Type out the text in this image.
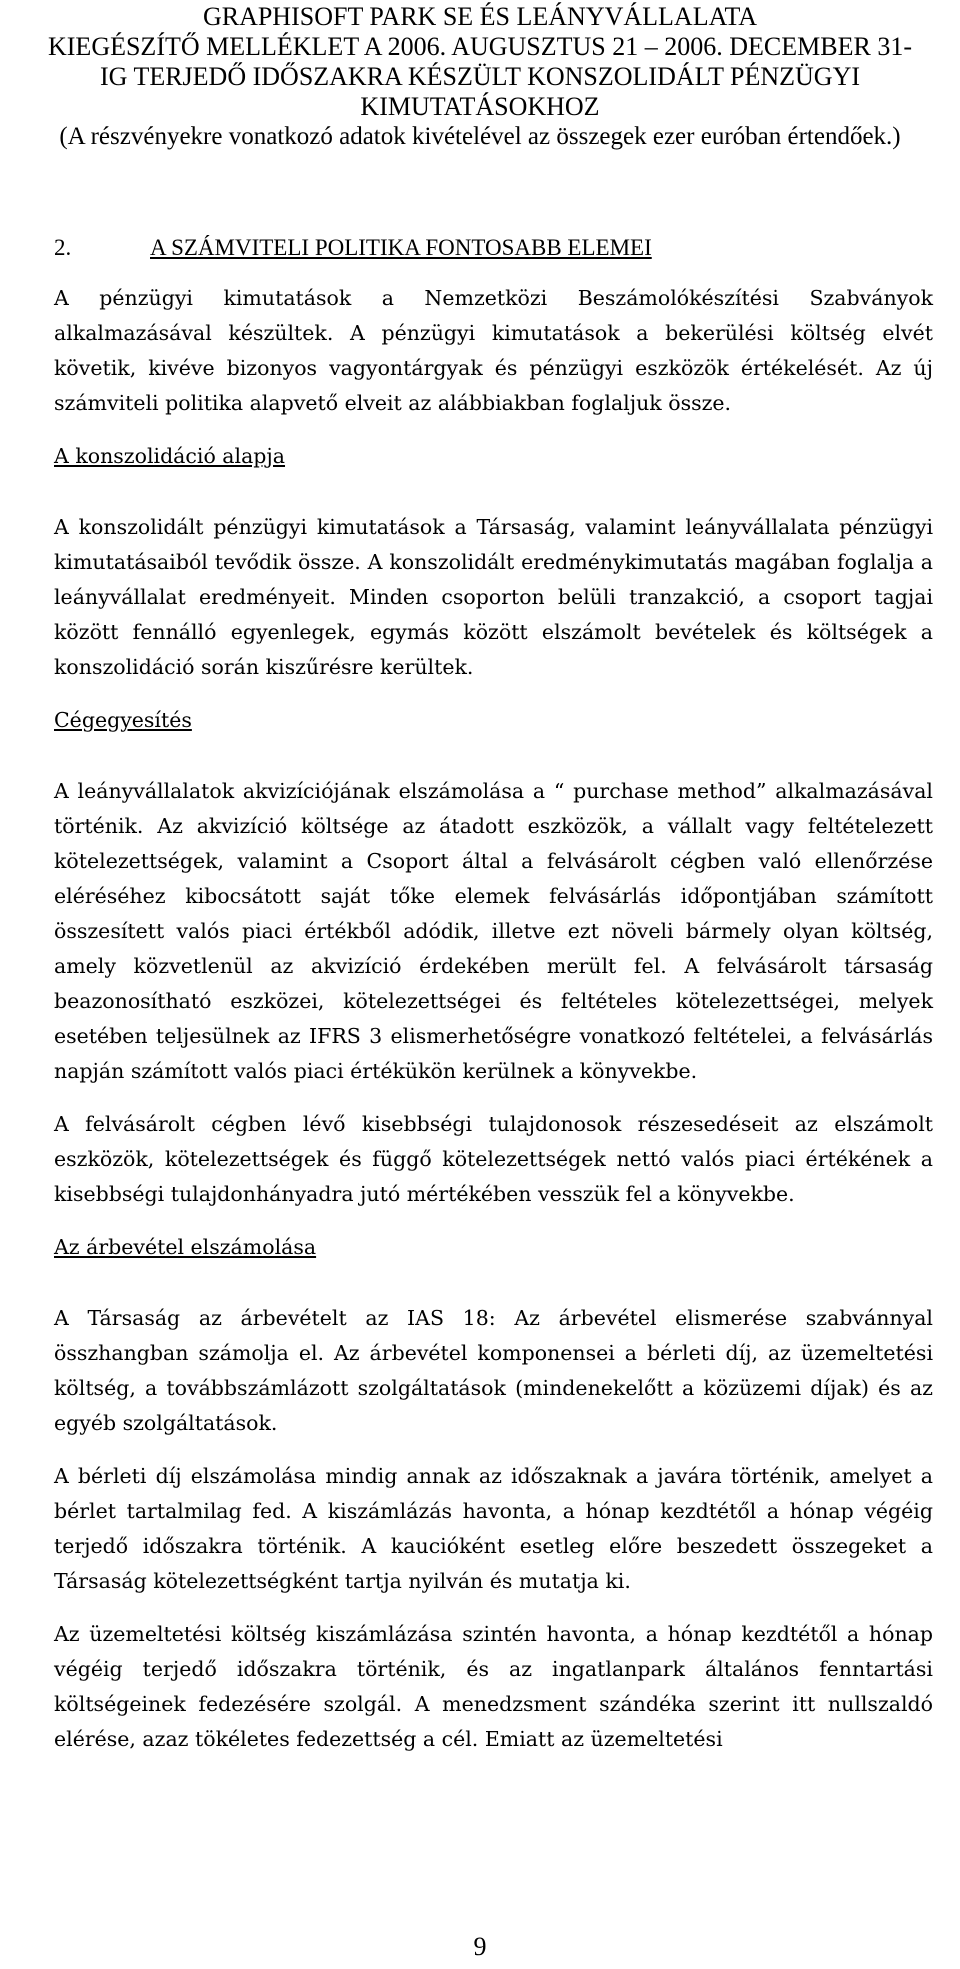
GRAPHISOFT PARK SE ÉS LEÁNYVÁLLALATA
KIEGÉSZÍTŐ MELLÉKLET A 2006. AUGUSZTUS 21 – 2006. DECEMBER 31-
IG TERJEDŐ IDŐSZAKRA KÉSZÜLT KONSZOLIDÁLT PÉNZÜGYI
KIMUTATÁSOKHOZ
(A részvényekre vonatkozó adatok kivételével az összegek ezer euróban értendőek.)
2.	A SZÁMVITELI POLITIKA FONTOSABB ELEMEI

A pénzügyi kimutatások a Nemzetközi Beszámolókészítési Szabványok alkalmazásával készültek. A pénzügyi kimutatások a bekerülési költség elvét követik, kivéve bizonyos vagyontárgyak és pénzügyi eszközök értékelését. Az új számviteli politika alapvető elveit az alábbiakban foglaljuk össze.

A konszolidáció alapja

A konszolidált pénzügyi kimutatások a Társaság, valamint leányvállalata pénzügyi kimutatásaiból tevődik össze. A konszolidált eredménykimutatás magában foglalja a leányvállalat eredményeit. Minden csoporton belüli tranzakció, a csoport tagjai között fennálló egyenlegek, egymás között elszámolt bevételek és költségek a konszolidáció során kiszűrésre kerültek.

Cégegyesítés

A leányvállalatok akvizíciójának elszámolása a “ purchase method” alkalmazásával történik. Az akvizíció költsége az átadott eszközök, a vállalt vagy feltételezett kötelezettségek, valamint a Csoport által a felvásárolt cégben való ellenőrzése eléréséhez kibocsátott saját tőke elemek felvásárlás időpontjában számított összesített valós piaci értékből adódik, illetve ezt növeli bármely olyan költség, amely közvetlenül az akvizíció érdekében merült fel. A felvásárolt társaság beazonosítható eszközei, kötelezettségei és feltételes kötelezettségei, melyek esetében teljesülnek az IFRS 3 elismerhetőségre vonatkozó feltételei, a felvásárlás napján számított valós piaci értékükön kerülnek a könyvekbe.

A felvásárolt cégben lévő kisebbségi tulajdonosok részesedéseit az elszámolt eszközök, kötelezettségek és függő kötelezettségek nettó valós piaci értékének a kisebbségi tulajdonhányadra jutó mértékében vesszük fel a könyvekbe.

Az árbevétel elszámolása

A Társaság az árbevételt az IAS 18: Az árbevétel elismerése szabvánnyal összhangban számolja el. Az árbevétel komponensei a bérleti díj, az üzemeltetési költség, a továbbszámlázott szolgáltatások (mindenekelőtt a közüzemi díjak) és az egyéb szolgáltatások.

A bérleti díj elszámolása mindig annak az időszaknak a javára történik, amelyet a bérlet tartalmilag fed. A kiszámlázás havonta, a hónap kezdtétől a hónap végéig terjedő időszakra történik. A kaucióként esetleg előre beszedett összegeket a Társaság kötelezettségként tartja nyilván és mutatja ki.

Az üzemeltetési költség kiszámlázása szintén havonta, a hónap kezdtétől a hónap végéig terjedő időszakra történik, és az ingatlanpark általános fenntartási költségeinek fedezésére szolgál. A menedzsment szándéka szerint itt nullszaldó elérése, azaz tökéletes fedezettség a cél. Emiatt az üzemeltetési

9
